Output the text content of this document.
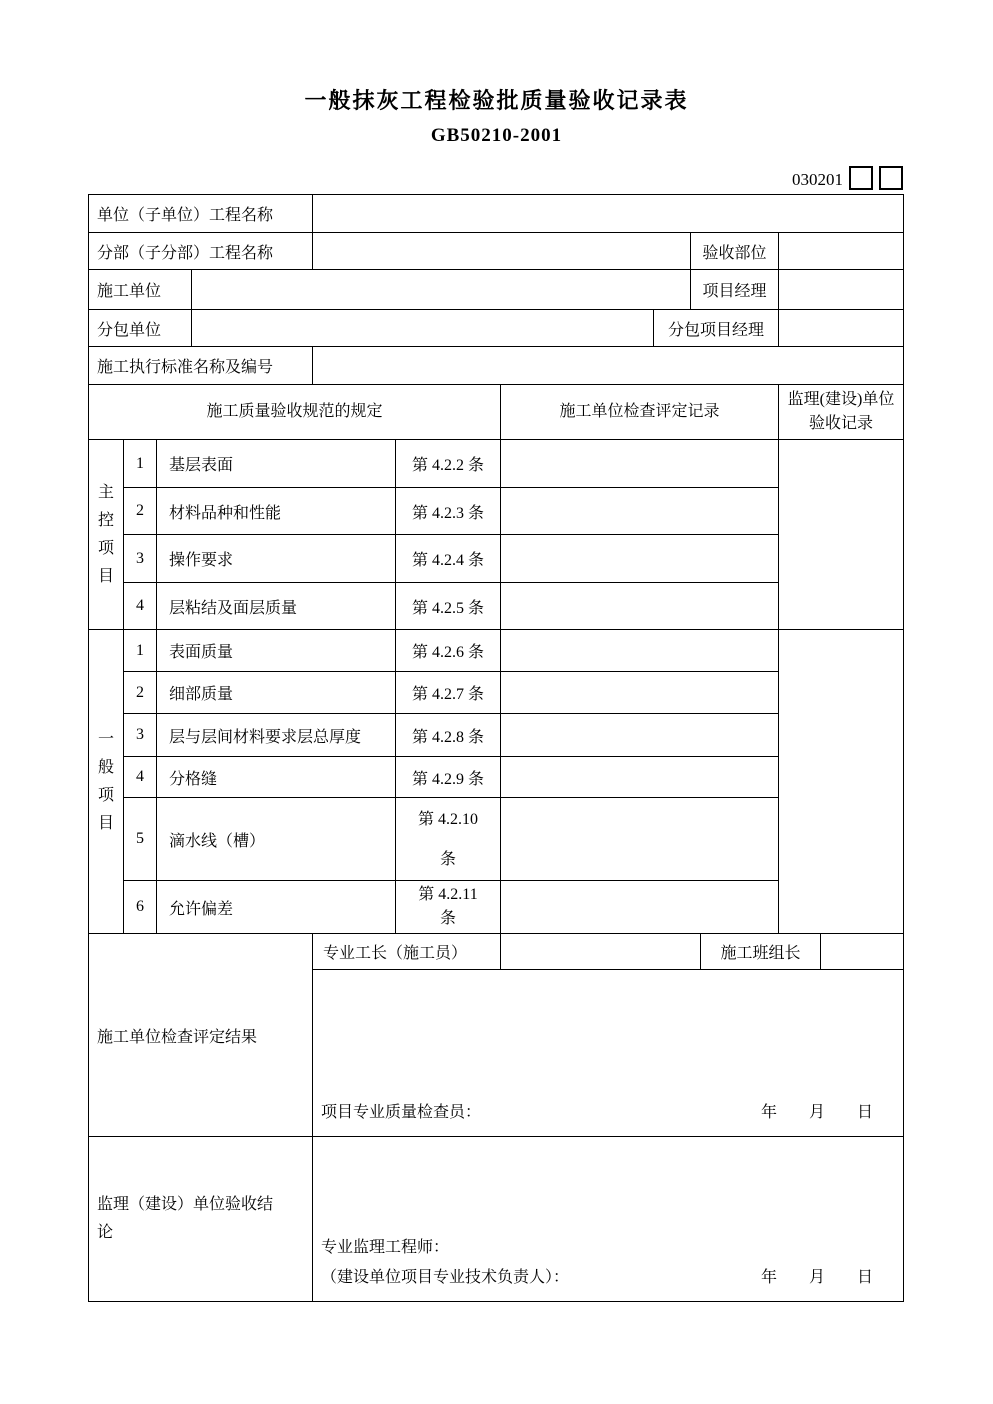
一般抹灰工程检验批质量验收记录表
GB50210-2001
030201
单位（子单位）工程名称					
分部（子分部）工程名称				验收部位	
施工单位				项目经理	
分包单位			分包项目经理		
施工执行标准名称及编号					
施工质量验收规范的规定				施工单位检查评定记录	监理(建设)单位验收记录
主控项目	1	基层表面	第 4.2.2 条		
	2	材料品种和性能	第 4.2.3 条		
	3	操作要求	第 4.2.4 条		
	4	层粘结及面层质量	第 4.2.5 条		
一般项目	1	表面质量	第 4.2.6 条		
	2	细部质量	第 4.2.7 条		
	3	层与层间材料要求层总厚度	第 4.2.8 条		
	4	分格缝	第 4.2.9 条		
	5	滴水线（槽）	第 4.2.10
条		

	6	允许偏差	第 4.2.11
条		

施工单位检查评定结果	专业工长（施工员）		施工班组长	

	项目专业质量检查员： 年 月 日			

监理（建设）单位验收结论	专业监理工程师：
（建设单位项目专业技术负责人）： 年 月 日			
